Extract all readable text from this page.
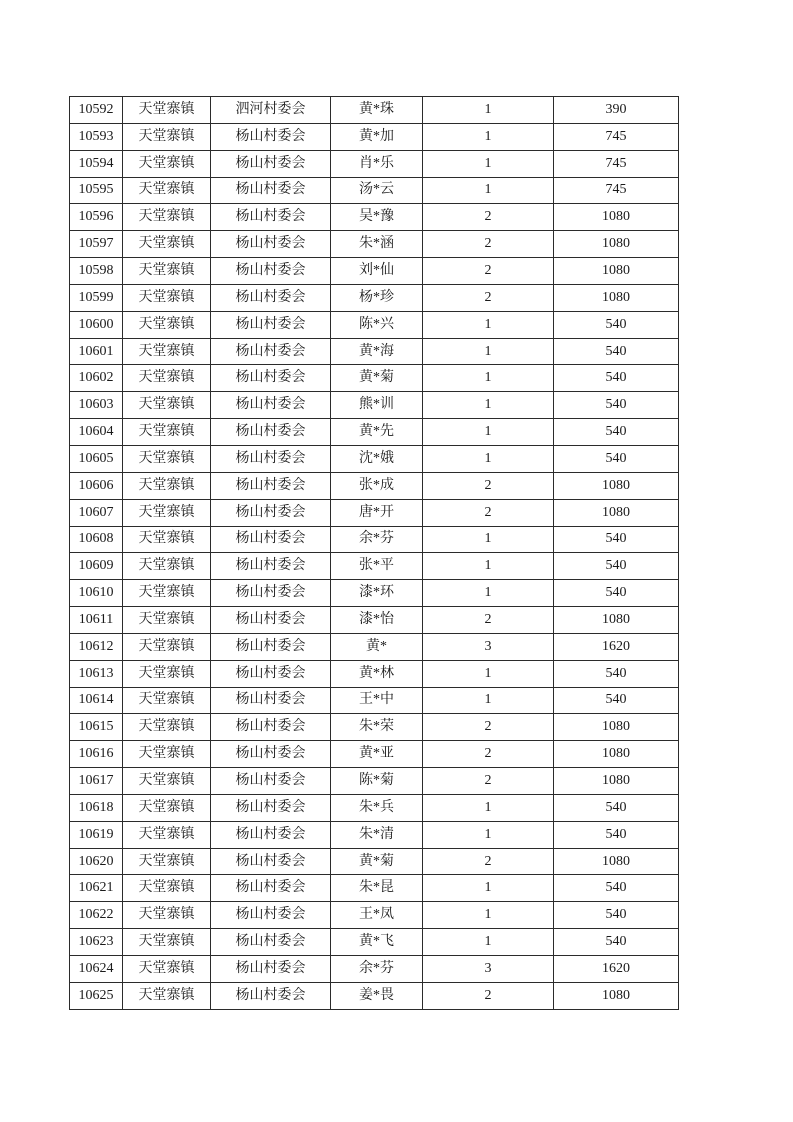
10592	天堂寨镇	泗河村委会	黄*珠	1	390
10593	天堂寨镇	杨山村委会	黄*加	1	745
10594	天堂寨镇	杨山村委会	肖*乐	1	745
10595	天堂寨镇	杨山村委会	汤*云	1	745
10596	天堂寨镇	杨山村委会	吴*豫	2	1080
10597	天堂寨镇	杨山村委会	朱*涵	2	1080
10598	天堂寨镇	杨山村委会	刘*仙	2	1080
10599	天堂寨镇	杨山村委会	杨*珍	2	1080
10600	天堂寨镇	杨山村委会	陈*兴	1	540
10601	天堂寨镇	杨山村委会	黄*海	1	540
10602	天堂寨镇	杨山村委会	黄*菊	1	540
10603	天堂寨镇	杨山村委会	熊*训	1	540
10604	天堂寨镇	杨山村委会	黄*先	1	540
10605	天堂寨镇	杨山村委会	沈*娥	1	540
10606	天堂寨镇	杨山村委会	张*成	2	1080
10607	天堂寨镇	杨山村委会	唐*开	2	1080
10608	天堂寨镇	杨山村委会	余*芬	1	540
10609	天堂寨镇	杨山村委会	张*平	1	540
10610	天堂寨镇	杨山村委会	漆*环	1	540
10611	天堂寨镇	杨山村委会	漆*怡	2	1080
10612	天堂寨镇	杨山村委会	黄*	3	1620
10613	天堂寨镇	杨山村委会	黄*林	1	540
10614	天堂寨镇	杨山村委会	王*中	1	540
10615	天堂寨镇	杨山村委会	朱*荣	2	1080
10616	天堂寨镇	杨山村委会	黄*亚	2	1080
10617	天堂寨镇	杨山村委会	陈*菊	2	1080
10618	天堂寨镇	杨山村委会	朱*兵	1	540
10619	天堂寨镇	杨山村委会	朱*清	1	540
10620	天堂寨镇	杨山村委会	黄*菊	2	1080
10621	天堂寨镇	杨山村委会	朱*昆	1	540
10622	天堂寨镇	杨山村委会	王*凤	1	540
10623	天堂寨镇	杨山村委会	黄*飞	1	540
10624	天堂寨镇	杨山村委会	余*芬	3	1620
10625	天堂寨镇	杨山村委会	姜*畏	2	1080
